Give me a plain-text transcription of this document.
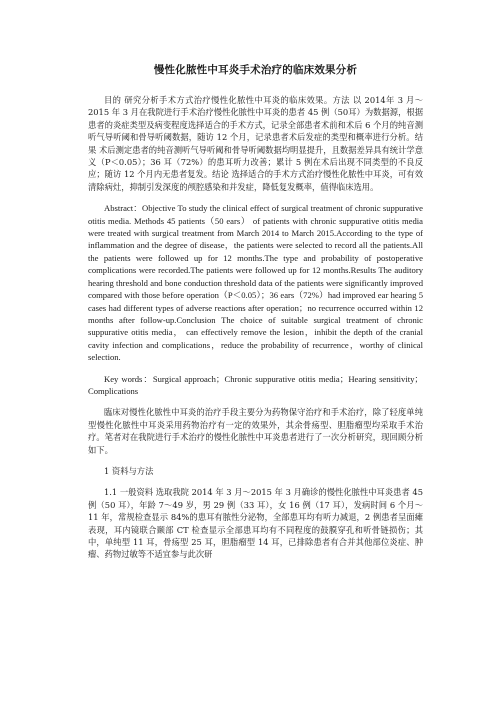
慢性化脓性中耳炎手术治疗的临床效果分析

目的 研究分析手术方式治疗慢性化脓性中耳炎的临床效果。方法 以 2014年 3 月～2015 年 3 月在我院进行手术治疗慢性化脓性中耳炎的患者 45 例（50耳）为数据源，根据患者的炎症类型及病变程度选择适合的手术方式，记录全部患者术前和术后 6 个月的纯音测听气导听阈和骨导听阈数据，随访 12 个月，记录患者术后发症的类型和概率进行分析。结果 术后测定患者的纯音测听气导听阈和骨导听阈数据均明显提升，且数据差异具有统计学意义（P＜0.05）；36 耳（72%）的患耳听力改善；累计 5 例在术后出现不同类型的不良反应；随访 12 个月内无患者复发。结论 选择适合的手术方式治疗慢性化脓性中耳炎，可有效清除病灶，抑制引发深度的颅腔感染和并发症，降低复发概率，值得临床选用。

Abstract：Objective To study the clinical effect of surgical treatment of chronic suppurative otitis media. Methods 45 patients（50 ears） of patients with chronic suppurative otitis media were treated with surgical treatment from March 2014 to March 2015.According to the type of inflammation and the degree of disease，the patients were selected to record all the patients.All the patients were followed up for 12 months.The type and probability of postoperative complications were recorded.The patients were followed up for 12 months.Results The auditory hearing threshold and bone conduction threshold data of the patients were significantly improved compared with those before operation（P＜0.05）；36 ears（72%）had improved ear hearing 5 cases had different types of adverse reactions after operation；no recurrence occurred within 12 months after follow-up.Conclusion The choice of suitable surgical treatment of chronic suppurative otitis media， can effectively remove the lesion，inhibit the depth of the cranial cavity infection and complications，reduce the probability of recurrence，worthy of clinical selection.

Key words：Surgical approach；Chronic suppurative otitis media；Hearing sensitivity；Complications

臨床对慢性化脓性中耳炎的治疗手段主要分为药物保守治疗和手术治疗，除了轻度单纯型慢性化脓性中耳炎采用药物治疗有一定的效果外，其余骨疡型、胆脂瘤型均采取手术治疗。笔者对在我院进行手术治疗的慢性化脓性中耳炎患者进行了一次分析研究，现回顾分析如下。

1 资料与方法

1.1 一般资料 选取我院 2014 年 3 月～2015 年 3 月确诊的慢性化脓性中耳炎患者 45 例（50 耳），年龄 7～49 岁，男 29 例（33 耳），女 16 例（17 耳），发病时间 6 个月～11 年，常规检查显示 84%的患耳有脓性分泌物，全部患耳均有听力减退，2 例患者呈面瘫表现，耳内镜联合颞部 CT 检查显示全部患耳均有不同程度的鼓膜穿孔和听骨链损伤；其中，单纯型 11 耳，骨疡型 25 耳，胆脂瘤型 14 耳，已排除患者有合并其他部位炎症、肿瘤、药物过敏等不适宜参与此次研
